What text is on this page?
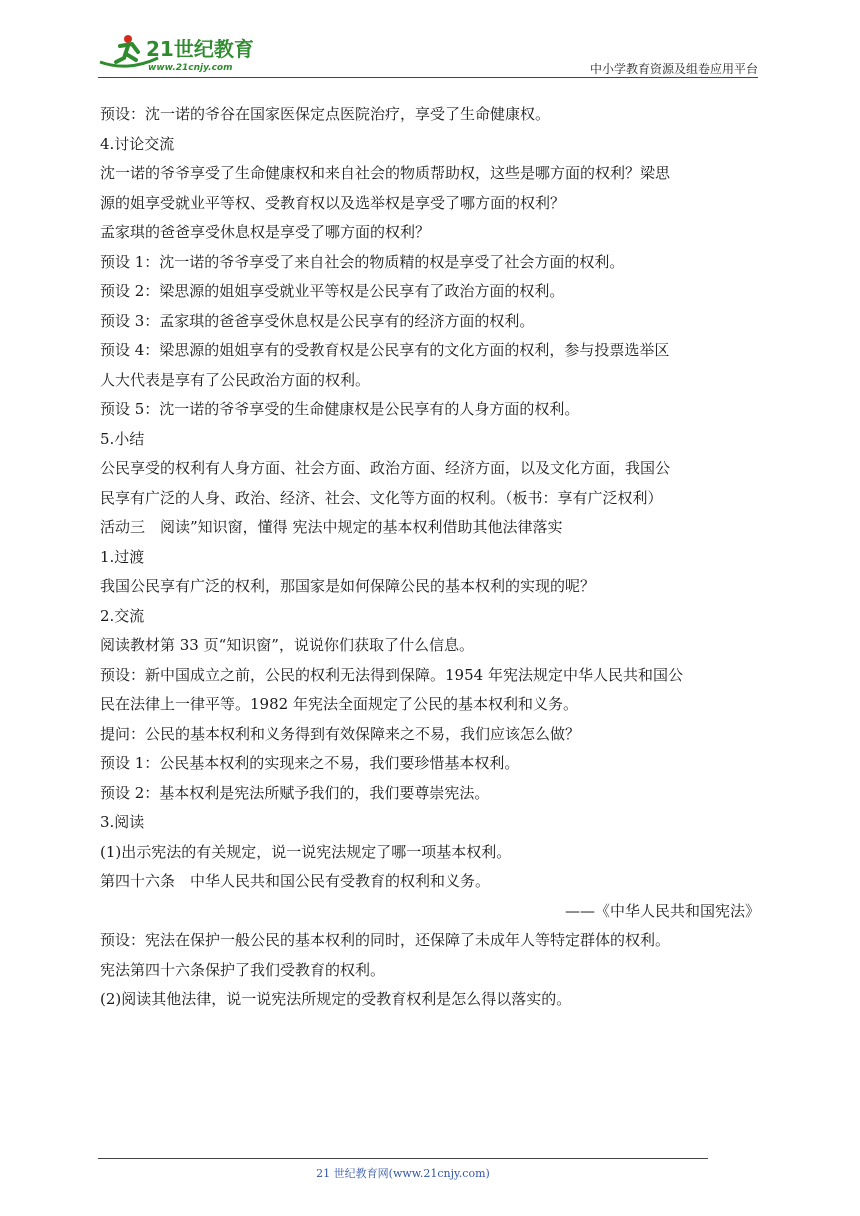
21世纪教育
www.21cnjy.com	中小学教育资源及组卷应用平台
预设：沈一诺的爷谷在国家医保定点医院治疗，享受了生命健康权。
4.讨论交流
沈一诺的爷爷享受了生命健康权和来自社会的物质帮助权，这些是哪方面的权利？梁思
源的姐享受就业平等权、受教育权以及选举权是享受了哪方面的权利？
孟家琪的爸爸享受休息权是享受了哪方面的权利？
预设 1：沈一诺的爷爷享受了来自社会的物质精的权是享受了社会方面的权利。
预设 2：梁思源的姐姐享受就业平等权是公民享有了政治方面的权利。
预设 3：孟家琪的爸爸享受休息权是公民享有的经济方面的权利。
预设 4：梁思源的姐姐享有的受教育权是公民享有的文化方面的权利，参与投票选举区
人大代表是享有了公民政治方面的权利。
预设 5：沈一诺的爷爷享受的生命健康权是公民享有的人身方面的权利。
5.小结
公民享受的权利有人身方面、社会方面、政治方面、经济方面，以及文化方面，我国公
民享有广泛的人身、政治、经济、社会、文化等方面的权利。（板书：享有广泛权利）
活动三　阅读”知识窗，懂得 宪法中规定的基本权利借助其他法律落实
1.过渡
我国公民享有广泛的权利，那国家是如何保障公民的基本权利的实现的呢？
2.交流
阅读教材第 33 页“知识窗”，说说你们获取了什么信息。
预设：新中国成立之前，公民的权利无法得到保障。1954 年宪法规定中华人民共和国公
民在法律上一律平等。1982 年宪法全面规定了公民的基本权利和义务。
提问：公民的基本权利和义务得到有效保障来之不易，我们应该怎么做？
预设 1：公民基本权利的实现来之不易，我们要珍惜基本权利。
预设 2：基本权利是宪法所赋予我们的，我们要尊崇宪法。
3.阅读
(1)出示宪法的有关规定，说一说宪法规定了哪一项基本权利。
第四十六条　中华人民共和国公民有受教育的权利和义务。
——《中华人民共和国宪法》
预设：宪法在保护一般公民的基本权利的同时，还保障了未成年人等特定群体的权利。
宪法第四十六条保护了我们受教育的权利。
(2)阅读其他法律，说一说宪法所规定的受教育权利是怎么得以落实的。
21 世纪教育网(www.21cnjy.com)
